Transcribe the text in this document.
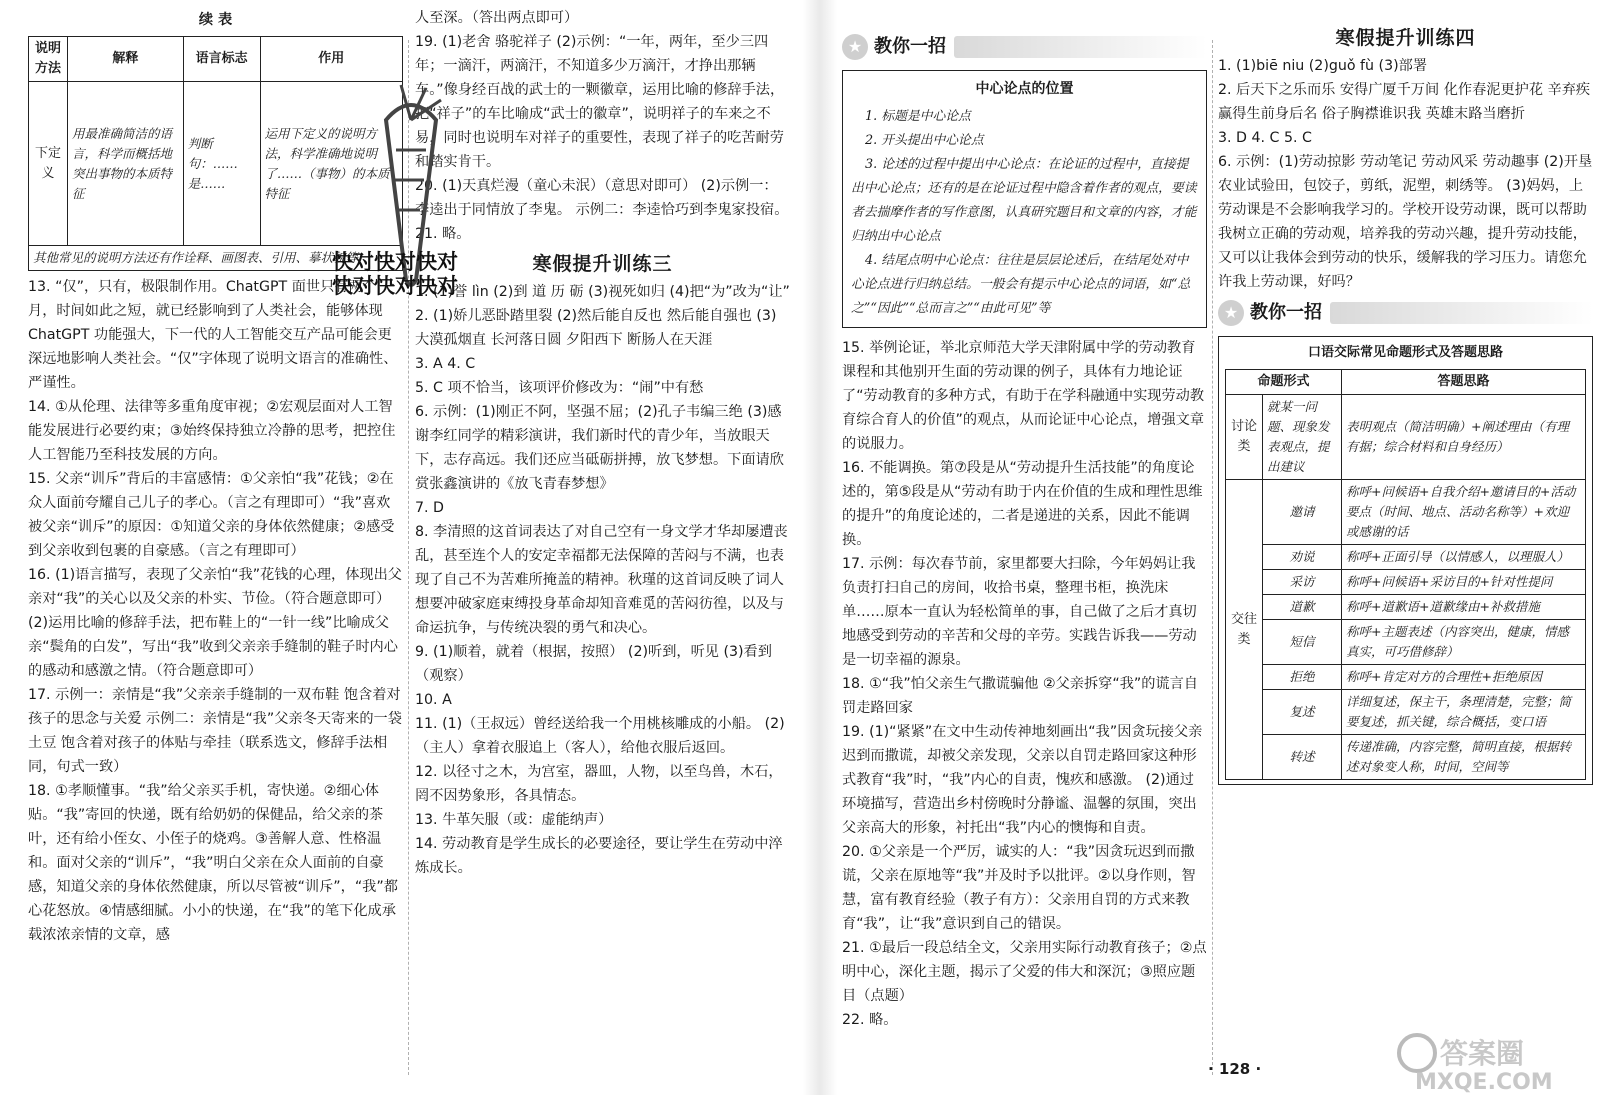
续 表
说明方法	解释	语言标志	作用
下定义	用最准确简洁的语言，科学而概括地突出事物的本质特征	判断句：……是……	运用下定义的说明方法，科学准确地说明了……（事物）的本质特征
其他常见的说明方法还有作诠释、画图表、引用、摹状貌等			

13. “仅”，只有，极限制作用。ChatGPT 面世只有两个月，时间如此之短，就已经影响到了人类社会，能够体现 ChatGPT 功能强大，下一代的人工智能交互产品可能会更深远地影响人类社会。“仅”字体现了说明文语言的准确性、严谨性。

14. ①从伦理、法律等多重角度审视；②宏观层面对人工智能发展进行必要约束；③始终保持独立冷静的思考，把控住人工智能乃至科技发展的方向。

15. 父亲“训斥”背后的丰富感情：①父亲怕“我”花钱；②在众人面前夸耀自己儿子的孝心。（言之有理即可）“我”喜欢被父亲“训斥”的原因：①知道父亲的身体依然健康；②感受到父亲收到包裹的自豪感。（言之有理即可）

16. (1)语言描写，表现了父亲怕“我”花钱的心理，体现出父亲对“我”的关心以及父亲的朴实、节俭。（符合题意即可） (2)运用比喻的修辞手法，把布鞋上的“一针一线”比喻成父亲“鬓角的白发”，写出“我”收到父亲亲手缝制的鞋子时内心的感动和感激之情。（符合题意即可）

17. 示例一：亲情是“我”父亲亲手缝制的一双布鞋 饱含着对孩子的思念与关爱 示例二：亲情是“我”父亲冬天寄来的一袋土豆 饱含着对孩子的体贴与牵挂（联系选文，修辞手法相同，句式一致）

18. ①孝顺懂事。“我”给父亲买手机，寄快递。②细心体贴。“我”寄回的快递，既有给奶奶的保健品，给父亲的茶叶，还有给小侄女、小侄子的烧鸡。③善解人意、性格温和。面对父亲的“训斥”，“我”明白父亲在众人面前的自豪感，知道父亲的身体依然健康，所以尽管被“训斥”，“我”都心花怒放。④情感细腻。小小的快递，在“我”的笔下化成承载浓浓亲情的文章，感

人至深。（答出两点即可）

19. (1)老舍 骆驼祥子 (2)示例：“一年，两年，至少三四年；一滴汗，两滴汗，不知道多少万滴汗，才挣出那辆车。”像身经百战的武士的一颗徽章，运用比喻的修辞手法，把“祥子”的车比喻成“武士的徽章”，说明祥子的车来之不易，同时也说明车对祥子的重要性，表现了祥子的吃苦耐劳和踏实肯干。

20. (1)天真烂漫（童心未泯）（意思对即可） (2)示例一：李逵出于同情放了李鬼。 示例二：李逵恰巧到李鬼家投宿。

21. 略。

寒假提升训练三

1. (1)誉 lìn (2)到 道 历 砺 (3)视死如归 (4)把“为”改为“让”

2. (1)娇儿恶卧踏里裂 (2)然后能自反也 然后能自强也 (3)大漠孤烟直 长河落日圆 夕阳西下 断肠人在天涯

3. A 4. C

5. C 项不恰当，该项评价修改为：“闹”中有愁

6. 示例：(1)刚正不阿，坚强不屈；(2)孔子韦编三绝 (3)感谢李红同学的精彩演讲，我们新时代的青少年，当放眼天下，志存高远。我们还应当砥砺拼搏，放飞梦想。下面请欣赏张鑫演讲的《放飞青春梦想》

7. D

8. 李清照的这首词表达了对自己空有一身文学才华却屡遭丧乱，甚至连个人的安定幸福都无法保障的苦闷与不满，也表现了自己不为苦难所掩盖的精神。秋瑾的这首词反映了词人想要冲破家庭束缚投身革命却知音难觅的苦闷彷徨，以及与命运抗争，与传统决裂的勇气和决心。

9. (1)顺着，就着（根据，按照） (2)听到，听见 (3)看到（观察）

10. A

11. (1)（王叔远）曾经送给我一个用桃核雕成的小船。 (2)（主人）拿着衣服追上（客人），给他衣服后返回。

12. 以径寸之木，为宫室，器皿，人物，以至鸟兽，木石，罔不因势象形，各具情态。

13. 牛革矢服（或：虚能纳声）

14. 劳动教育是学生成长的必要途径，要让学生在劳动中淬炼成长。

快对快对快对
快对快对快对
★ 教你一招
中心论点的位置

1. 标题是中心论点

2. 开头提出中心论点

3. 论述的过程中提出中心论点：在论证的过程中，直接提出中心论点；还有的是在论证过程中隐含着作者的观点，要读者去揣摩作者的写作意图，认真研究题目和文章的内容，才能归纳出中心论点

4. 结尾点明中心论点：往往是层层论述后，在结尾处对中心论点进行归纳总结。一般会有提示中心论点的词语，如“总之”“因此”“总而言之”“由此可见”等

15. 举例论证，举北京师范大学天津附属中学的劳动教育课程和其他别开生面的劳动课的例子，具体有力地论证了“劳动教育的多种方式，有助于在学科融通中实现劳动教育综合育人的价值”的观点，从而论证中心论点，增强文章的说服力。

16. 不能调换。第⑦段是从“劳动提升生活技能”的角度论述的，第⑤段是从“劳动有助于内在价值的生成和理性思维的提升”的角度论述的，二者是递进的关系，因此不能调换。

17. 示例：每次春节前，家里都要大扫除，今年妈妈让我负责打扫自己的房间，收拾书桌，整理书柜，换洗床单……原本一直认为轻松简单的事，自己做了之后才真切地感受到劳动的辛苦和父母的辛劳。实践告诉我——劳动是一切幸福的源泉。

18. ①“我”怕父亲生气撒谎骗他 ②父亲拆穿“我”的谎言自罚走路回家

19. (1)“紧紧”在文中生动传神地刻画出“我”因贪玩接父亲迟到而撒谎，却被父亲发现，父亲以自罚走路回家这种形式教育“我”时，“我”内心的自责，愧疚和感激。 (2)通过环境描写，营造出乡村傍晚时分静谧、温馨的氛围，突出父亲高大的形象，衬托出“我”内心的懊悔和自责。

20. ①父亲是一个严厉，诚实的人：“我”因贪玩迟到而撒谎，父亲在原地等“我”并及时予以批评。②以身作则，智慧，富有教育经验（教子有方）：父亲用自罚的方式来教育“我”，让“我”意识到自己的错误。

21. ①最后一段总结全文，父亲用实际行动教育孩子；②点明中心，深化主题，揭示了父爱的伟大和深沉；③照应题目（点题）

22. 略。

寒假提升训练四

1. (1)biē niu (2)guǒ fù (3)部署

2. 后天下之乐而乐 安得广厦千万间 化作春泥更护花 辛弃疾 赢得生前身后名 俗子胸襟谁识我 英雄末路当磨折

3. D 4. C 5. C

6. 示例：(1)劳动掠影 劳动笔记 劳动风采 劳动趣事 (2)开垦农业试验田，包饺子，剪纸，泥塑，刺绣等。 (3)妈妈，上劳动课是不会影响我学习的。学校开设劳动课，既可以帮助我树立正确的劳动观，培养我的劳动兴趣，提升劳动技能，又可以让我体会到劳动的快乐，缓解我的学习压力。请您允许我上劳动课，好吗？

★ 教你一招
口语交际常见命题形式及答题思路
命题形式		答题思路
讨论类	就某一问题、现象发表观点，提出建议	表明观点（简洁明确）+阐述理由（有理有据；综合材料和自身经历）
交往类	邀请	称呼+问候语+自我介绍+邀请目的+活动要点（时间、地点、活动名称等）+欢迎或感谢的话
	劝说	称呼+正面引导（以情感人，以理服人）
	采访	称呼+问候语+采访目的+针对性提问
	道歉	称呼+道歉语+道歉缘由+补救措施
	短信	称呼+主题表述（内容突出，健康，情感真实，可巧借修辞）
	拒绝	称呼+肯定对方的合理性+拒绝原因
	复述	详细复述，保主干，条理清楚，完整；简要复述，抓关键，综合概括，变口语
	转述	传递准确，内容完整，简明直接，根据转述对象变人称，时间，空间等
· 128 ·	答案圈
MXQE.COM
